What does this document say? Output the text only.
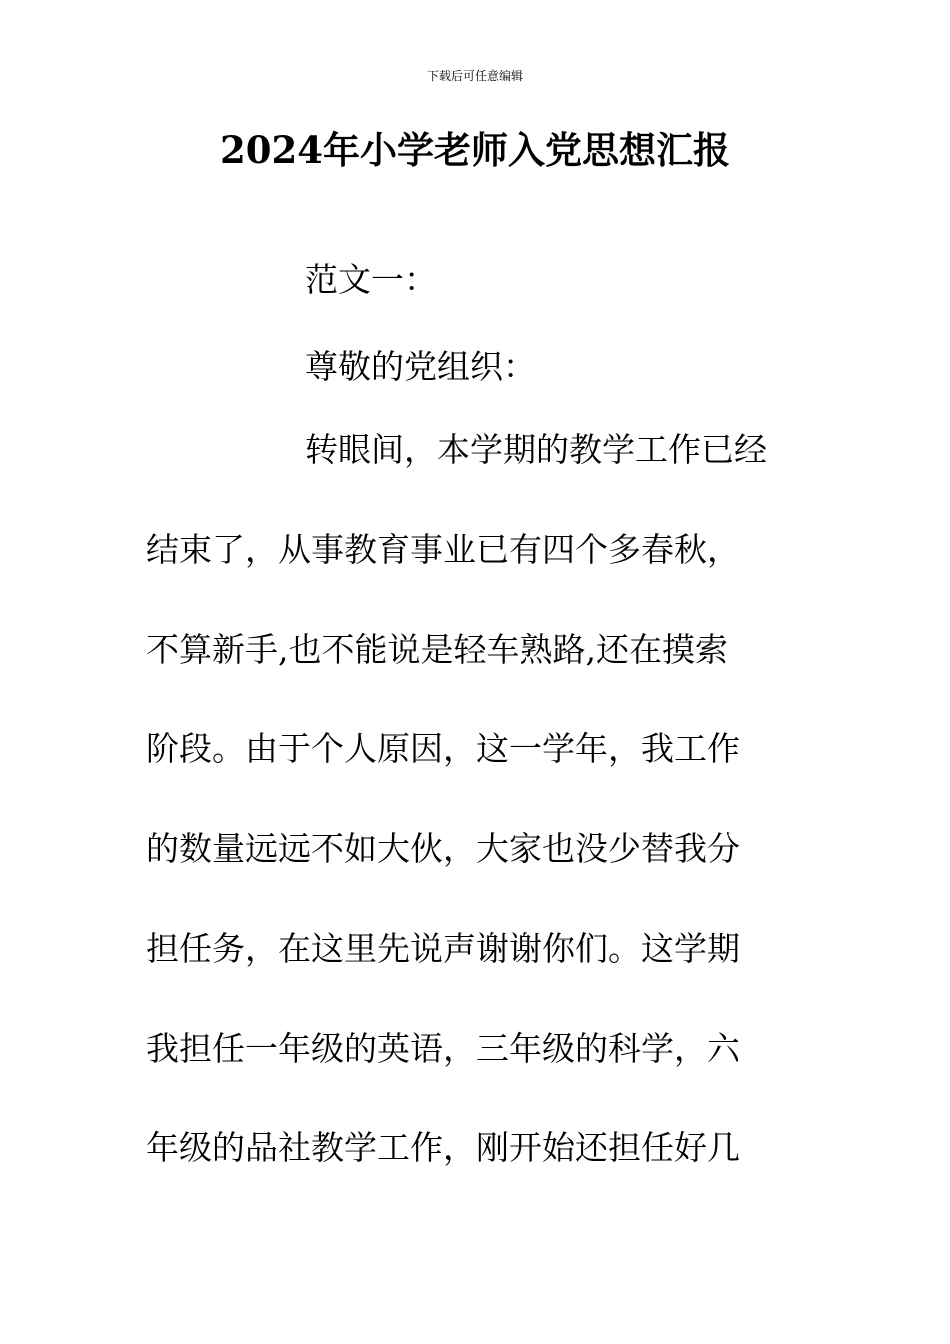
下载后可任意编辑
2024年小学老师入党思想汇报

范文一：

尊敬的党组织：

转眼间，本学期的教学工作已经

结束了，从事教育事业已有四个多春秋，

不算新手,也不能说是轻车熟路,还在摸索

阶段。由于个人原因，这一学年，我工作

的数量远远不如大伙，大家也没少替我分

担任务，在这里先说声谢谢你们。这学期

我担任一年级的英语，三年级的科学，六

年级的品社教学工作，刚开始还担任好几
